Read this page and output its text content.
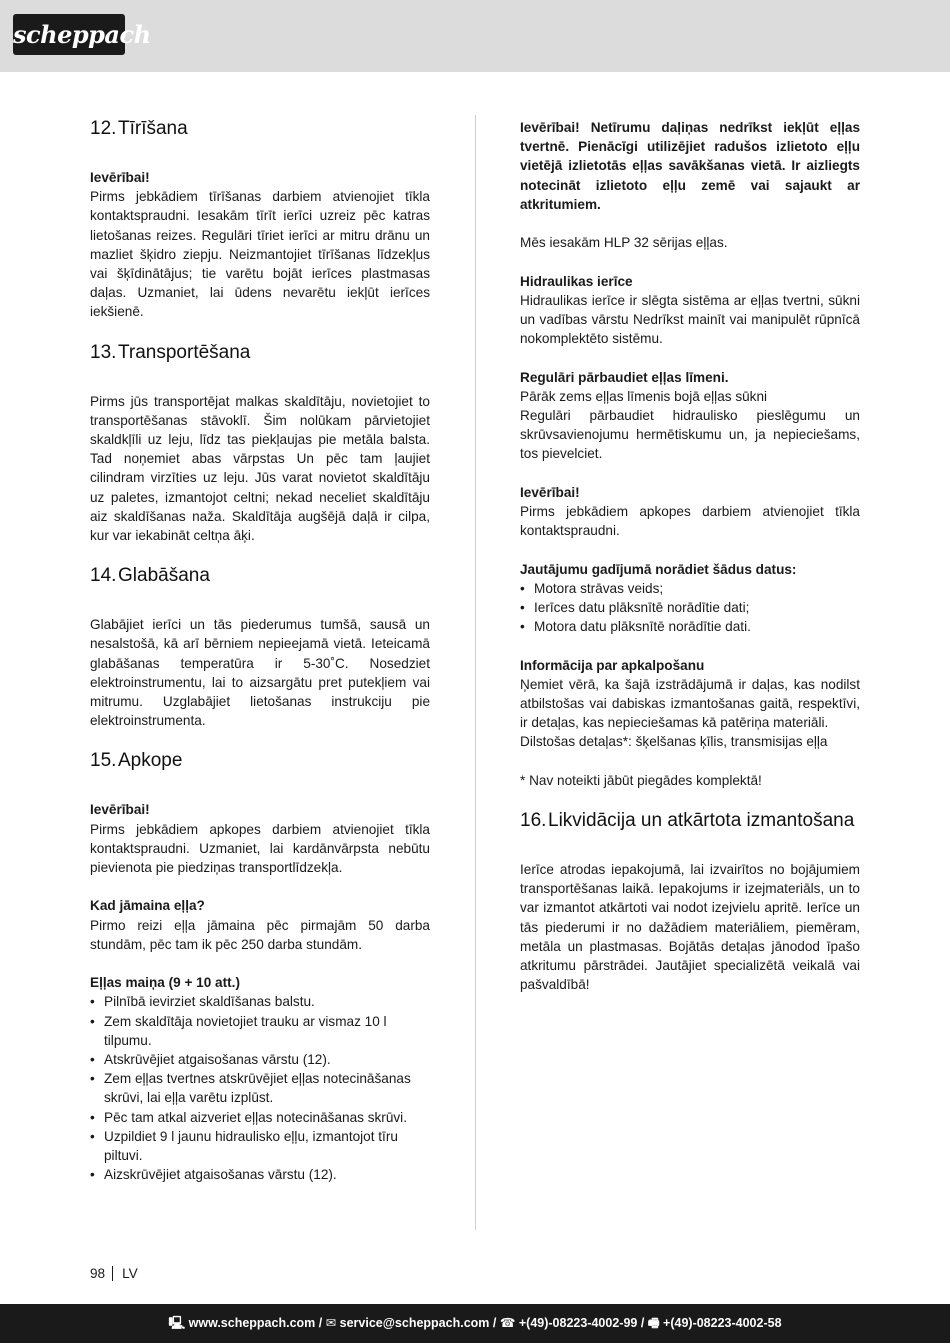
scheppach
12. Tīrīšana
Ievērībai!
Pirms jebkādiem tīrīšanas darbiem atvienojiet tīkla kontaktspraudni. Iesakām tīrīt ierīci uzreiz pēc katras lietošanas reizes. Regulāri tīriet ierīci ar mitru drānu un mazliet šķidro ziepju. Neizmantojiet tīrīšanas līdzekļus vai šķīdinātājus; tie varētu bojāt ierīces plastmasas daļas. Uzmaniet, lai ūdens nevarētu iekļūt ierīces iekšienē.
13. Transportēšana
Pirms jūs transportējat malkas skaldītāju, novietojiet to transportēšanas stāvoklī. Šim nolūkam pārvietojiet skaldkļīli uz leju, līdz tas piekļaujas pie metāla balsta. Tad noņemiet abas vārpstas Un pēc tam ļaujiet cilindram virzīties uz leju. Jūs varat novietot skaldītāju uz paletes, izmantojot celtni; nekad neceliet skaldītāju aiz skaldīšanas naža. Skaldītāja augšējā daļā ir cilpa, kur var iekabināt celtņa āķi.
14. Glabāšana
Glabājiet ierīci un tās piederumus tumšā, sausā un nesalstošā, kā arī bērniem nepieejamā vietā. Ieteicamā glabāšanas temperatūra ir 5-30˚C. Nosedziet elektroinstrumentu, lai to aizsargātu pret putekļiem vai mitrumu. Uzglabājiet lietošanas instrukciju pie elektroinstrumenta.
15. Apkope
Ievērībai!
Pirms jebkādiem apkopes darbiem atvienojiet tīkla kontaktspraudni. Uzmaniet, lai kardānvārpsta nebūtu pievienota pie piedziņas transportlīdzekļa.
Kad jāmaina eļļa?
Pirmo reizi eļļa jāmaina pēc pirmajām 50 darba stundām, pēc tam ik pēc 250 darba stundām.
Eļļas maiņa (9 + 10 att.)
• Pilnībā ievirziet skaldīšanas balstu.
• Zem skaldītāja novietojiet trauku ar vismaz 10 l tilpumu.
• Atskrūvējiet atgaisošanas vārstu (12).
• Zem eļļas tvertnes atskrūvējiet eļļas notecināšanas skrūvi, lai eļļa varētu izplūst.
• Pēc tam atkal aizveriet eļļas notecināšanas skrūvi.
• Uzpildiet 9 l jaunu hidraulisko eļļu, izmantojot tīru piltuvi.
• Aizskrūvējiet atgaisošanas vārstu (12).
Ievērībai! Netīrumu daļiņas nedrīkst iekļūt eļļas tvertnē. Pienācīgi utilizējiet radušos izlietoto eļļu vietējā izlietotās eļļas savākšanas vietā. Ir aizliegts notecināt izlietoto eļļu zemē vai sajaukt ar atkritumiem.
Mēs iesakām HLP 32 sērijas eļļas.
Hidraulikas ierīce
Hidraulikas ierīce ir slēgta sistēma ar eļļas tvertni, sūkni un vadības vārstu Nedrīkst mainīt vai manipulēt rūpnīcā nokomplektēto sistēmu.
Regulāri pārbaudiet eļļas līmeni.
Pārāk zems eļļas līmenis bojā eļļas sūkni
Regulāri pārbaudiet hidraulisko pieslēgumu un skrūvsavienojumu hermētiskumu un, ja nepieciešams, tos pievelciet.
Ievērībai!
Pirms jebkādiem apkopes darbiem atvienojiet tīkla kontaktspraudni.
Jautājumu gadījumā norādiet šādus datus:
• Motora strāvas veids;
• Ierīces datu plāksnītē norādītie dati;
• Motora datu plāksnītē norādītie dati.
Informācija par apkalpošanu
Ņemiet vērā, ka šajā izstrādājumā ir daļas, kas nodilst atbilstošas vai dabiskas izmantošanas gaitā, respektīvi, ir detaļas, kas nepieciešamas kā patēriņa materiāli.
Dilstošas detaļas*: šķelšanas ķīlis, transmisijas eļļa
* Nav noteikti jābūt piegādes komplektā!
16. Likvidācija un atkārtota izmantošana
Ierīce atrodas iepakojumā, lai izvairītos no bojājumiem transportēšanas laikā. Iepakojums ir izejmateriāls, un to var izmantot atkārtoti vai nodot izejvielu apritē. Ierīce un tās piederumi ir no dažādiem materiāliem, piemēram, metāla un plastmasas. Bojātās detaļas jānodod īpašo atkritumu pārstrādei. Jautājiet specializētā veikalā vai pašvaldībā!
98 LV
🖳 www.scheppach.com / ✉ service@scheppach.com / ☎ +(49)-08223-4002-99 / 🖷 +(49)-08223-4002-58
